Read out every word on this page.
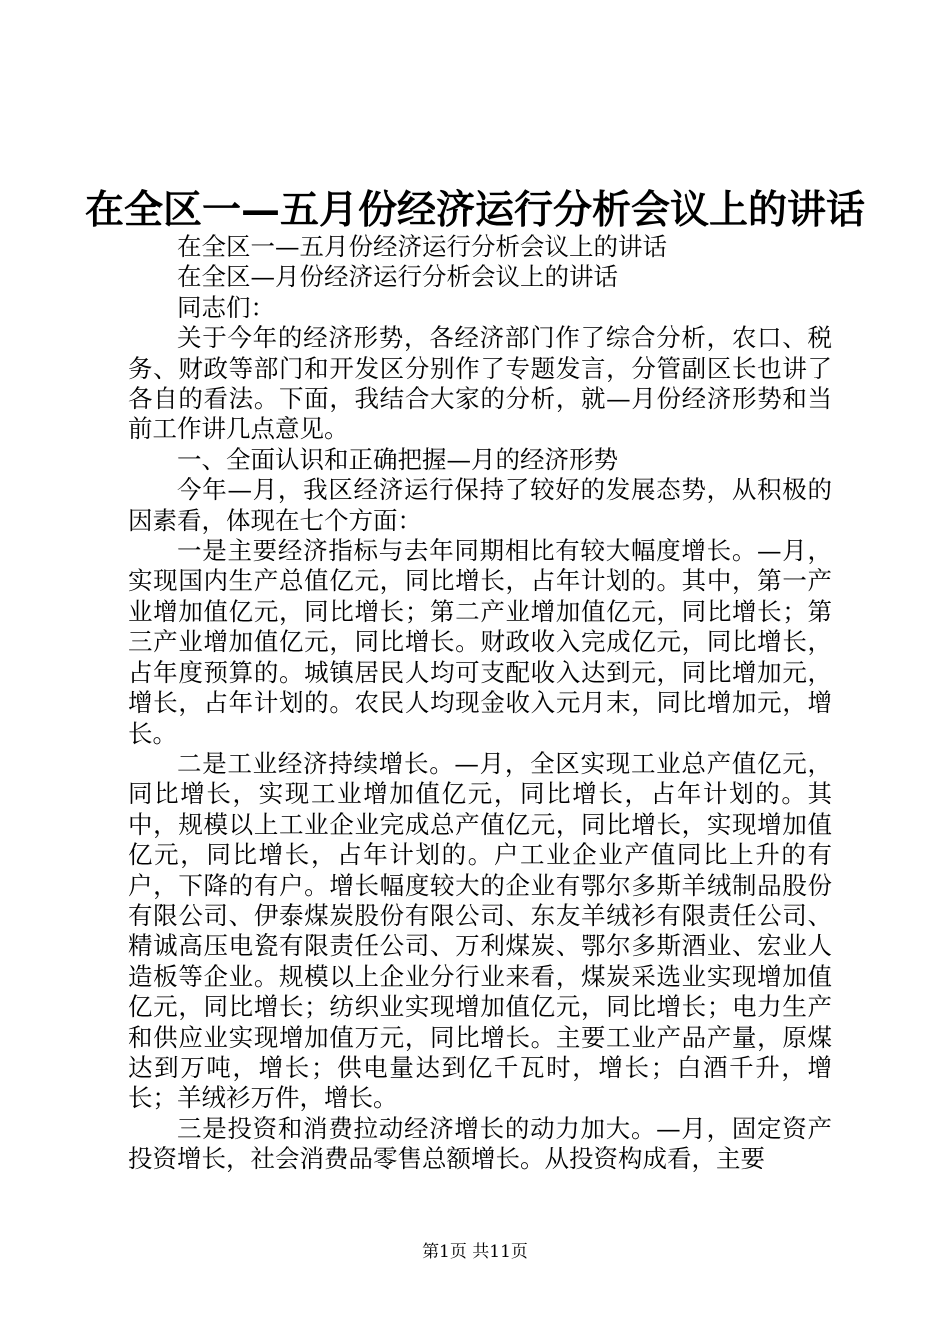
在全区一—五月份经济运行分析会议上的讲话

在全区一—五月份经济运行分析会议上的讲话

在全区—月份经济运行分析会议上的讲话

同志们：

关于今年的经济形势，各经济部门作了综合分析，农口、税务、财政等部门和开发区分别作了专题发言，分管副区长也讲了各自的看法。下面，我结合大家的分析，就—月份经济形势和当前工作讲几点意见。

一、全面认识和正确把握—月的经济形势

今年—月，我区经济运行保持了较好的发展态势，从积极的因素看，体现在七个方面：

一是主要经济指标与去年同期相比有较大幅度增长。—月，实现国内生产总值亿元，同比增长，占年计划的。其中，第一产业增加值亿元，同比增长；第二产业增加值亿元，同比增长；第三产业增加值亿元，同比增长。财政收入完成亿元，同比增长，占年度预算的。城镇居民人均可支配收入达到元，同比增加元，增长，占年计划的。农民人均现金收入元月末，同比增加元，增长。

二是工业经济持续增长。—月，全区实现工业总产值亿元，同比增长，实现工业增加值亿元，同比增长，占年计划的。其中，规模以上工业企业完成总产值亿元，同比增长，实现增加值亿元，同比增长，占年计划的。户工业企业产值同比上升的有户，下降的有户。增长幅度较大的企业有鄂尔多斯羊绒制品股份有限公司、伊泰煤炭股份有限公司、东友羊绒衫有限责任公司、精诚高压电瓷有限责任公司、万利煤炭、鄂尔多斯酒业、宏业人造板等企业。规模以上企业分行业来看，煤炭采选业实现增加值亿元，同比增长；纺织业实现增加值亿元，同比增长；电力生产和供应业实现增加值万元，同比增长。主要工业产品产量，原煤达到万吨，增长；供电量达到亿千瓦时，增长；白酒千升，增长；羊绒衫万件，增长。

三是投资和消费拉动经济增长的动力加大。—月，固定资产投资增长，社会消费品零售总额增长。从投资构成看，主要

第1页 共11页
